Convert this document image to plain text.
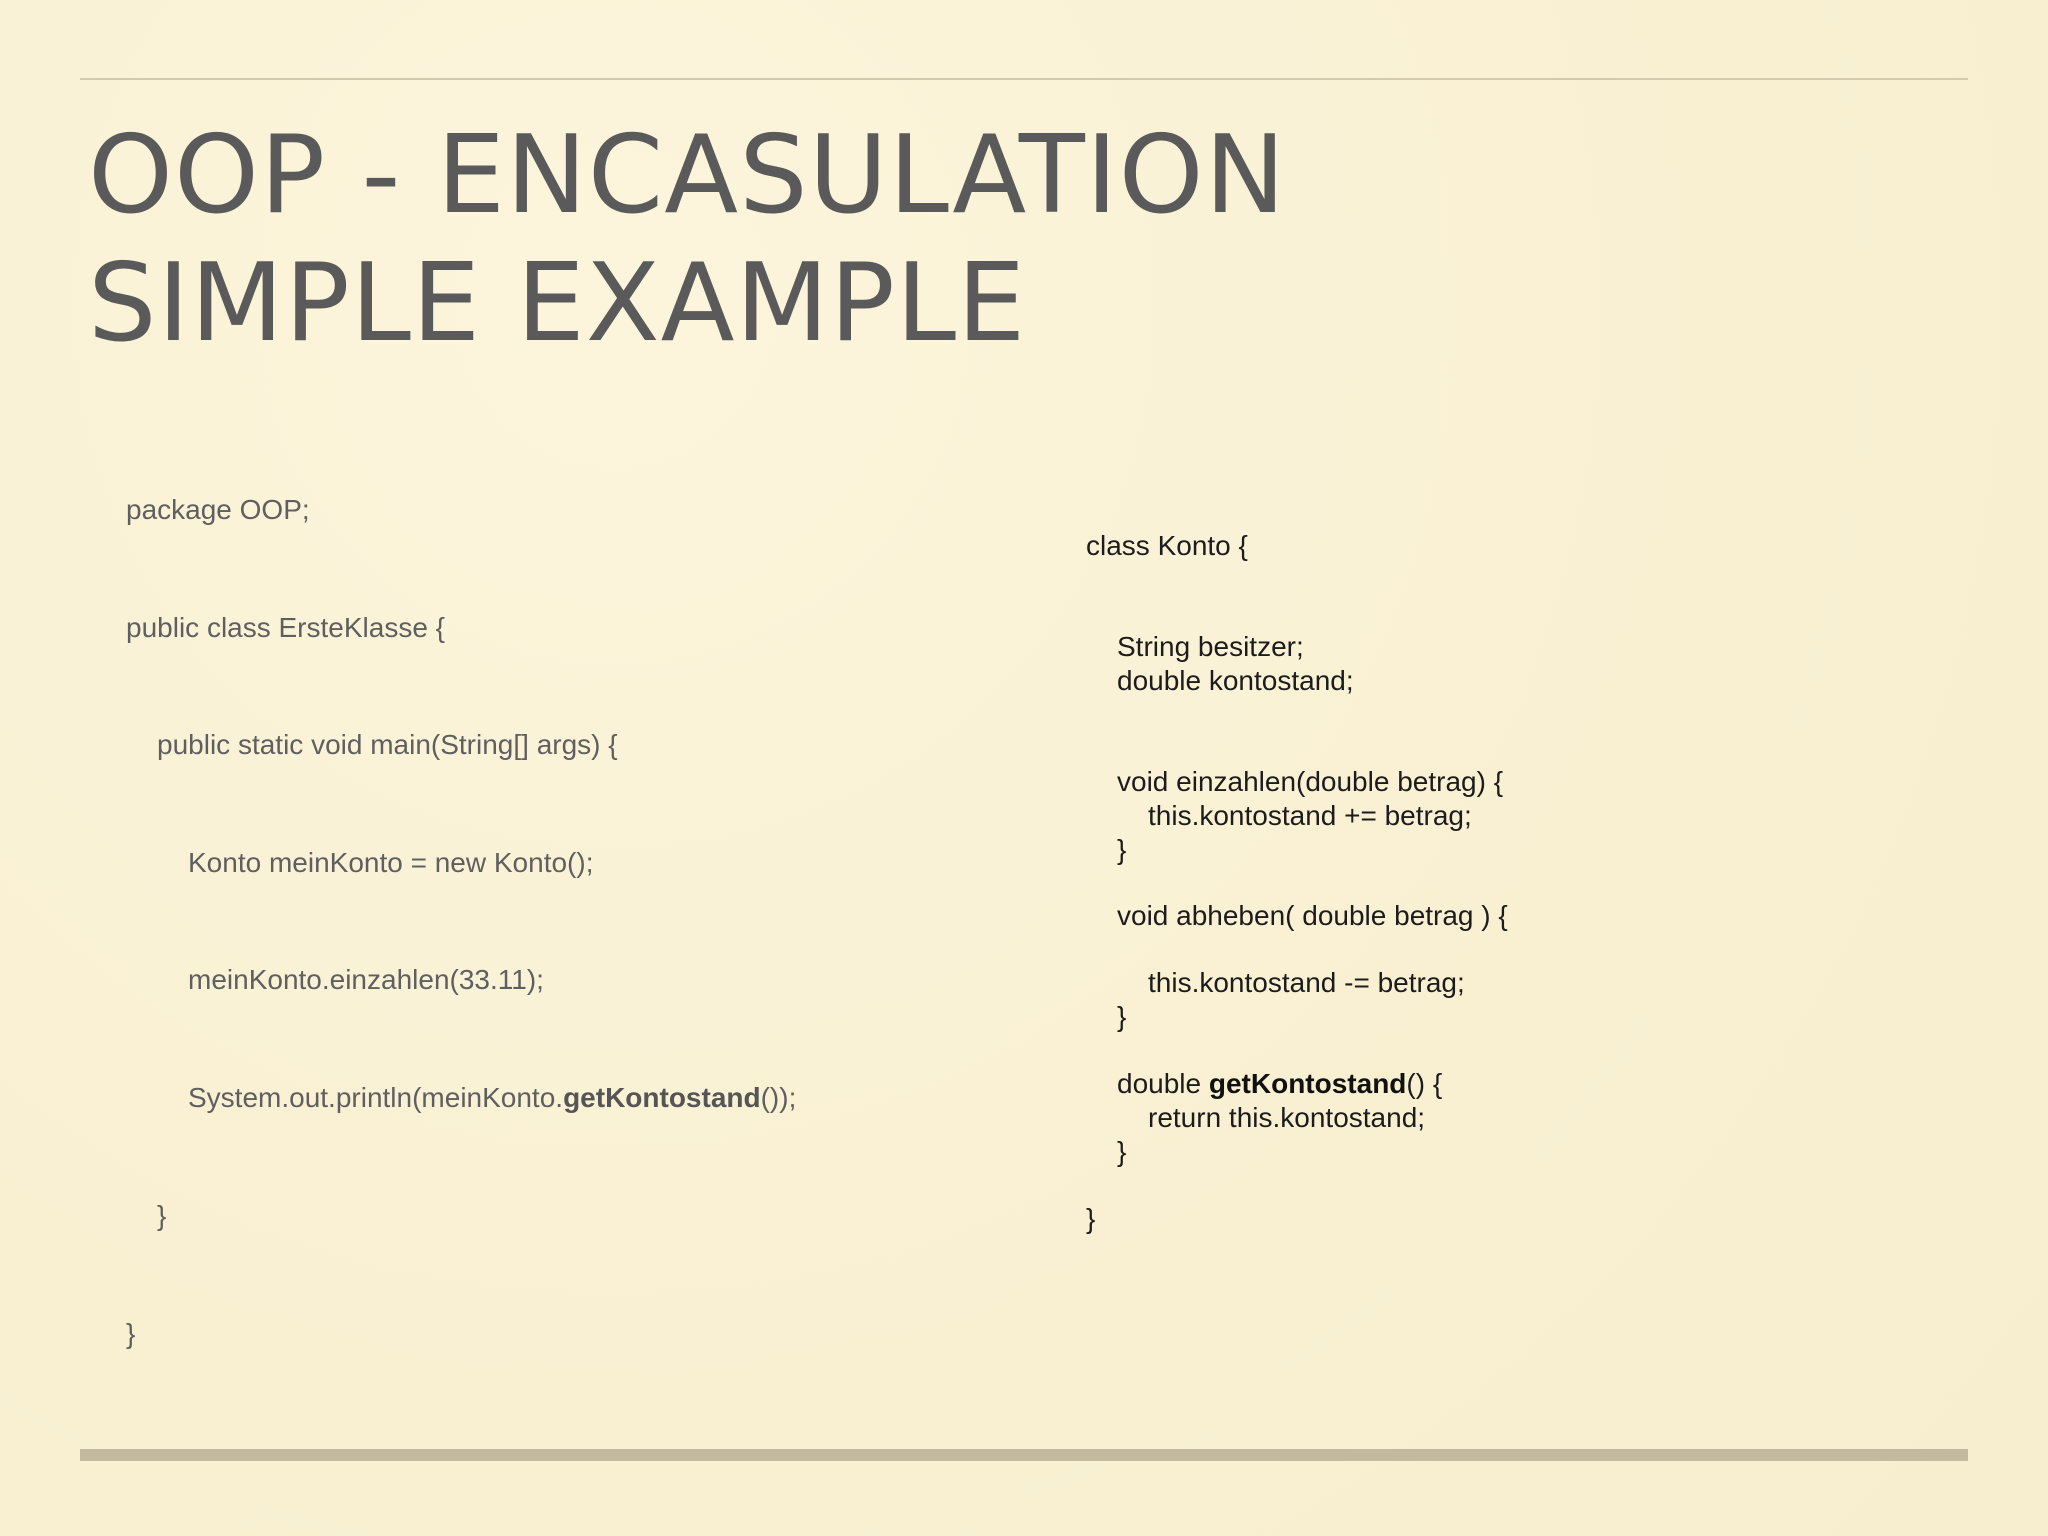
OOP - ENCASULATION
SIMPLE EXAMPLE

package OOP;

public class ErsteKlasse {

public static void main(String[] args) {

Konto meinKonto = new Konto();

meinKonto.einzahlen(33.11);

System.out.println(meinKonto.getKontostand());

}

}

class Konto {

String besitzer;

double kontostand;

void einzahlen(double betrag) {

this.kontostand += betrag;

}

void abheben( double betrag ) {

this.kontostand -= betrag;

}

double getKontostand() {

return this.kontostand;

}

}
